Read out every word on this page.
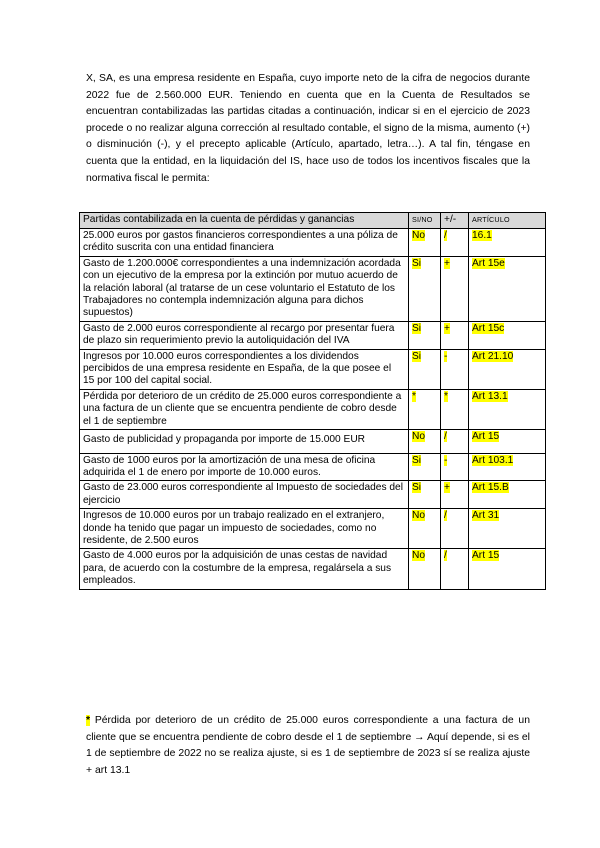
X, SA, es una empresa residente en España, cuyo importe neto de la cifra de negocios durante 2022 fue de 2.560.000 EUR. Teniendo en cuenta que en la Cuenta de Resultados se encuentran contabilizadas las partidas citadas a continuación, indicar si en el ejercicio de 2023 procede o no realizar alguna corrección al resultado contable, el signo de la misma, aumento (+) o disminución (-), y el precepto aplicable (Artículo, apartado, letra…). A tal fin, téngase en cuenta que la entidad, en la liquidación del IS, hace uso de todos los incentivos fiscales que la normativa fiscal le permita:

Partidas contabilizada en la cuenta de pérdidas y ganancias	SI/NO	+/-	ARTÍCULO
25.000 euros por gastos financieros correspondientes a una póliza de crédito suscrita con una entidad financiera	No	/	16.1
Gasto de 1.200.000€ correspondientes a una indemnización acordada con un ejecutivo de la empresa por la extinción por mutuo acuerdo de la relación laboral (al tratarse de un cese voluntario el Estatuto de los Trabajadores no contempla indemnización alguna para dichos supuestos)	Si	+	Art 15e
Gasto de 2.000 euros correspondiente al recargo por presentar fuera de plazo sin requerimiento previo la autoliquidación del IVA	Si	+	Art 15c
Ingresos por 10.000 euros correspondientes a los dividendos percibidos de una empresa residente en España, de la que posee el 15 por 100 del capital social.	Si	-	Art 21.10
Pérdida por deterioro de un crédito de 25.000 euros correspondiente a una factura de un cliente que se encuentra pendiente de cobro desde el 1 de septiembre	*	*	Art 13.1
Gasto de publicidad y propaganda por importe de 15.000 EUR	No	/	Art 15
Gasto de 1000 euros por la amortización de una mesa de oficina adquirida el 1 de enero por importe de 10.000 euros.	Si	-	Art 103.1
Gasto de 23.000 euros correspondiente al Impuesto de sociedades del ejercicio	Si	+	Art 15.B
Ingresos de 10.000 euros por un trabajo realizado en el extranjero, donde ha tenido que pagar un impuesto de sociedades, como no residente, de 2.500 euros	No	/	Art 31
Gasto de 4.000 euros por la adquisición de unas cestas de navidad para, de acuerdo con la costumbre de la empresa, regalársela a sus empleados.	No	/	Art 15

* Pérdida por deterioro de un crédito de 25.000 euros correspondiente a una factura de un cliente que se encuentra pendiente de cobro desde el 1 de septiembre → Aquí depende, si es el 1 de septiembre de 2022 no se realiza ajuste, si es 1 de septiembre de 2023 sí se realiza ajuste + art 13.1
